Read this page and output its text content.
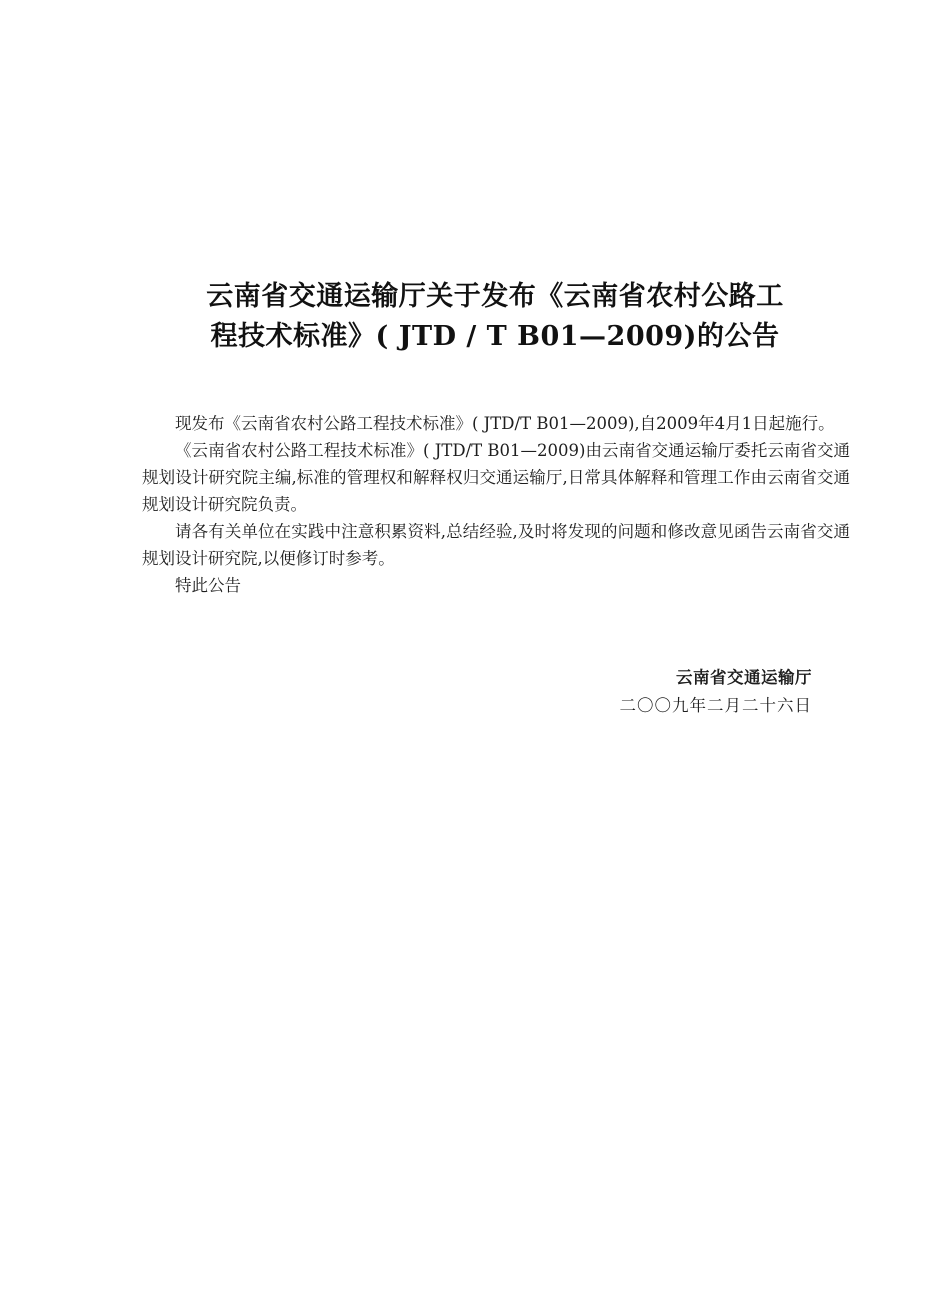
云南省交通运输厅关于发布《云南省农村公路工
程技术标准》( JTD / T B01—2009)的公告

现发布《云南省农村公路工程技术标准》( JTD/T B01—2009),自2009年4月1日起施行。

《云南省农村公路工程技术标准》( JTD/T B01—2009)由云南省交通运输厅委托云南省交通规划设计研究院主编,标准的管理权和解释权归交通运输厅,日常具体解释和管理工作由云南省交通规划设计研究院负责。

请各有关单位在实践中注意积累资料,总结经验,及时将发现的问题和修改意见函告云南省交通规划设计研究院,以便修订时参考。

特此公告

云南省交通运输厅
二〇〇九年二月二十六日
